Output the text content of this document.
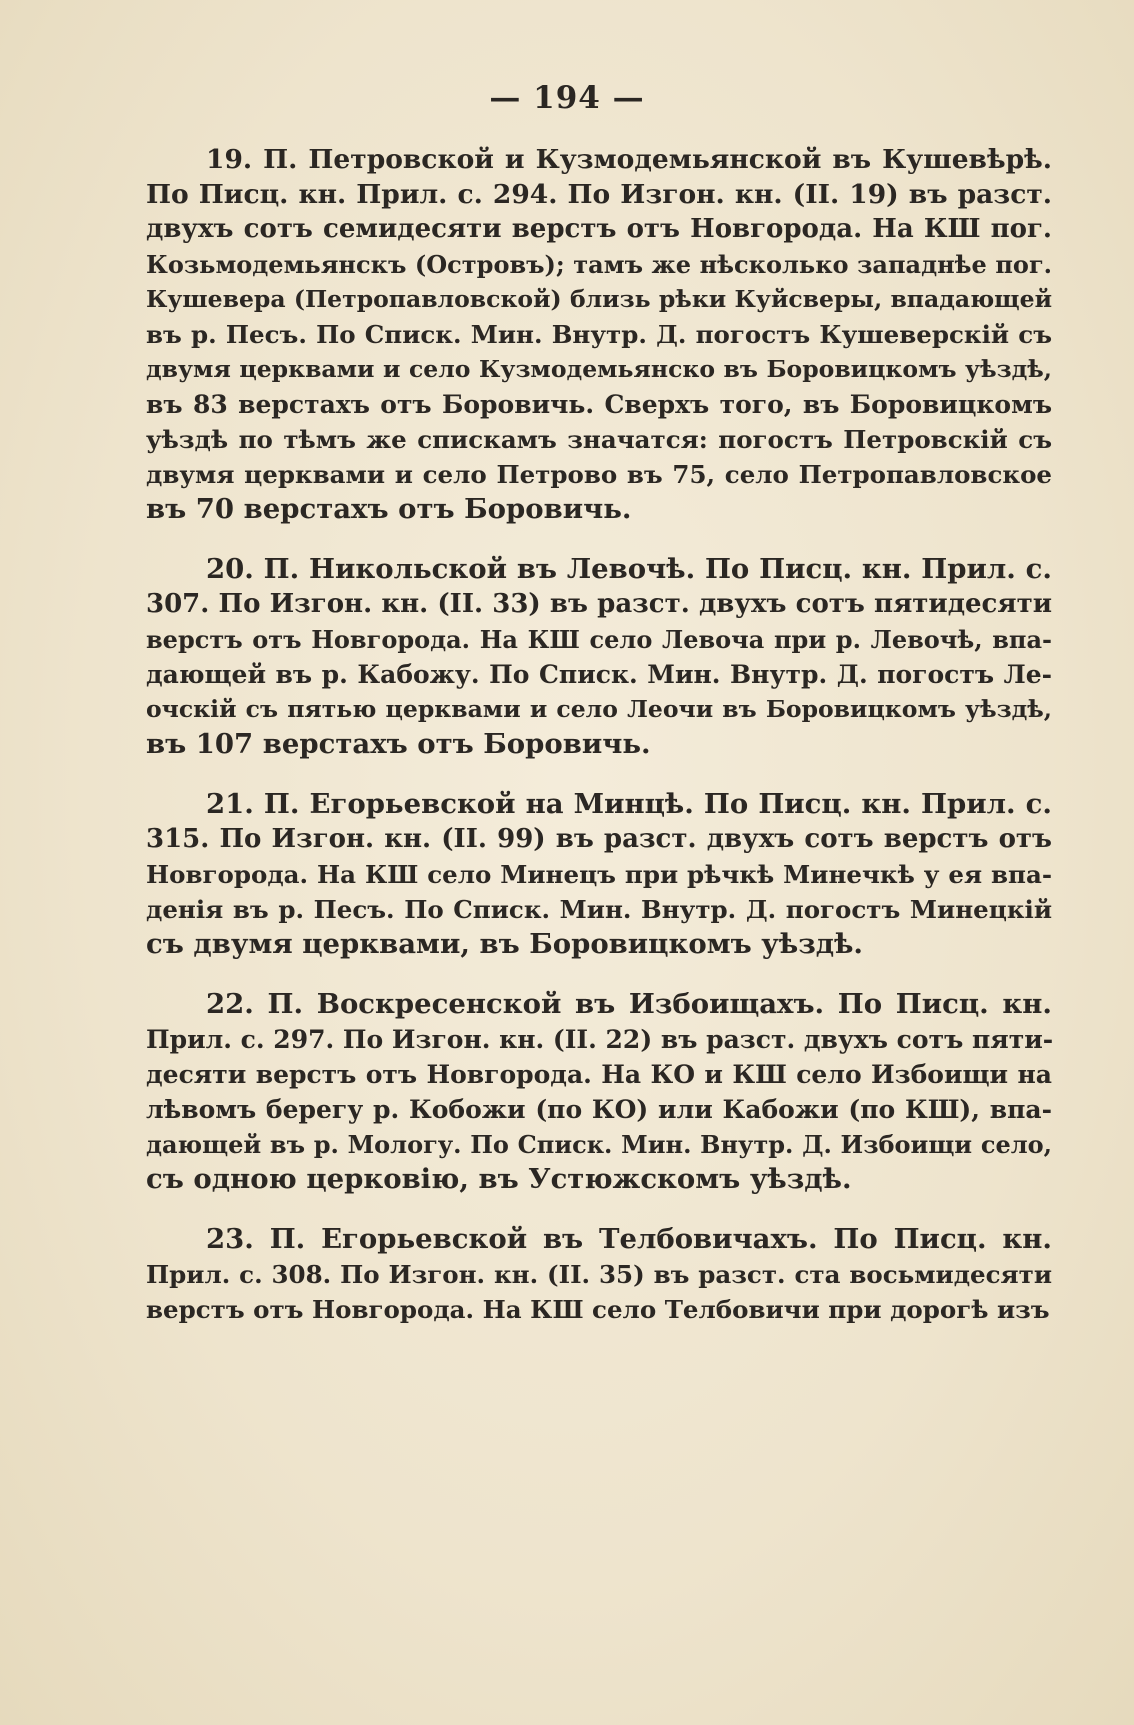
— 194 —
19. П. Петровской и Кузмодемьянской въ Кушевѣрѣ.
По Писц. кн. Прил. с. 294. По Изгон. кн. (II. 19) въ разст.
двухъ сотъ семидесяти верстъ отъ Новгорода. На КШ пог.
Козьмодемьянскъ (Островъ); тамъ же нѣсколько западнѣе пог.
Кушевера (Петропавловской) близь рѣки Куйсверы, впадающей
въ р. Песъ. По Списк. Мин. Внутр. Д. погостъ Кушеверскій съ
двумя церквами и село Кузмодемьянско въ Боровицкомъ уѣздѣ,
въ 83 верстахъ отъ Боровичь. Сверхъ того, въ Боровицкомъ
уѣздѣ по тѣмъ же спискамъ значатся: погостъ Петровскій съ
двумя церквами и село Петрово въ 75, село Петропавловское
въ 70 верстахъ отъ Боровичь.
20. П. Никольской въ Левочѣ. По Писц. кн. Прил. с.
307. По Изгон. кн. (II. 33) въ разст. двухъ сотъ пятидесяти
верстъ отъ Новгорода. На КШ село Левоча при р. Левочѣ, впа-
дающей въ р. Кабожу. По Списк. Мин. Внутр. Д. погостъ Ле-
очскій съ пятью церквами и село Леочи въ Боровицкомъ уѣздѣ,
въ 107 верстахъ отъ Боровичь.
21. П. Егорьевской на Минцѣ. По Писц. кн. Прил. с.
315. По Изгон. кн. (II. 99) въ разст. двухъ сотъ верстъ отъ
Новгорода. На КШ село Минецъ при рѣчкѣ Минечкѣ у ея впа-
денія въ р. Песъ. По Списк. Мин. Внутр. Д. погостъ Минецкій
съ двумя церквами, въ Боровицкомъ уѣздѣ.
22. П. Воскресенской въ Избоищахъ. По Писц. кн.
Прил. с. 297. По Изгон. кн. (II. 22) въ разст. двухъ сотъ пяти-
десяти верстъ отъ Новгорода. На КО и КШ село Избоищи на
лѣвомъ берегу р. Кобожи (по КО) или Кабожи (по КШ), впа-
дающей въ р. Мологу. По Списк. Мин. Внутр. Д. Избоищи село,
съ одною церковію, въ Устюжскомъ уѣздѣ.
23. П. Егорьевской въ Телбовичахъ. По Писц. кн.
Прил. с. 308. По Изгон. кн. (II. 35) въ разст. ста восьмидесяти
верстъ отъ Новгорода. На КШ село Телбовичи при дорогѣ изъ
